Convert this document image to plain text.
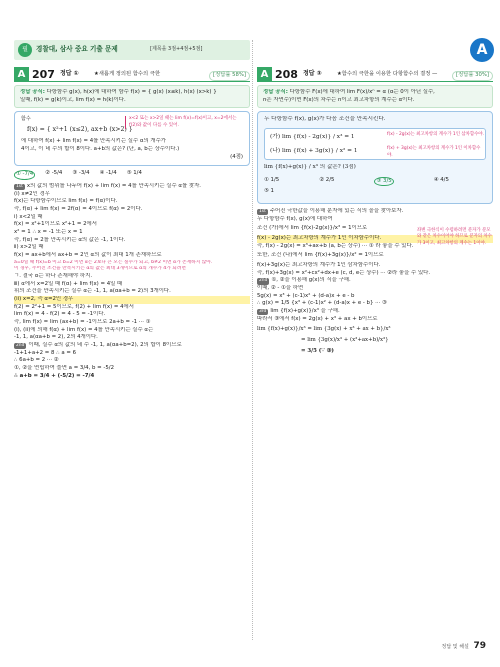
필	경찰대, 삼사 중요 기출 문제	[제목을 3점+4점+5점]	A
A 207 정답 ①	★새롭게 정의된 함수의 극한	[정답률 58%]
정답 공식: 다항함수 g(x), h(x)에 대하여 함수 f(x) = { g(x) (x≤k), h(x) (x>k) }
일때, f(k) = g(k)이고, lim f(x) = h(k)이다.
함수
f(x) = { x²+1 (x≤2), ax+b (x>2) }
에 대하여 f(x) + lim f(x) = 4를 만족시키는 실수 α의 개수가
4이고, 이 네 수의 합이 8이다. a+b의 값은? (단, a, b는 상수이다.)
(4점)
x<2 또는 x>2일 때는 lim f(x)=f(x)이고, x=2에서는 f(2)와 값이 다를 수 있어.
① -7/4	② -5/4 ③ -3/4 ④ -1/4 ⑤ 1/4
1st x의 값의 범위를 나누어 f(x) + lim f(x) = 4를 만족시키는 실수 α를 찾자.
(i) x≠2인 경우
f(x)는 다항함수이므로 lim f(x) = f(α)이다.
즉, f(α) + lim f(x) = 2f(α) = 4이므로 f(α) = 2이다.
ⅰ) x<2일 때
f(x) = x²+1이므로 x²+1 = 2에서
x² = 1 ∴ x = -1 또는 x = 1
즉, f(α) = 2를 만족시키는 α의 값은 -1, 1이다.
ⅱ) x>2일 때
f(x) = ax+b에서 ax+b = 2인 α의 값이 최대 1개 존재하므로
a=0일 때 f(x)=b 이고 b=2 이면 α는 2보다 큰 모든 실수가 되고, b≠2 이면 α가 존재하지 않아.
이 경우, 주어진 조건을 만족시키는 α의 값은 최대 3개이므로 α의 개수가 4가 되려면
ㄱ. 결국 α는 하나 존재해야 하지.
ⅲ) α에서 x=2일 때 f(α) + lim f(x) = 4일 때
위의 조건을 만족시키는 실수 α는 -1, 1, a(αa+b = 2)의 3개이다.
(ii) x=2, 즉 α=2인 경우
f(2) = 2²+1 = 5이므로, f(2) + lim f(x) = 4에서
lim f(x) = 4 - f(2) = 4 - 5 = -1이다.
즉, lim f(x) = lim (ax+b) = -1이므로 2a+b = -1 ··· ①
(i), (ii)에 의해 f(α) + lim f(x) = 4를 만족시키는 실수 α는
-1, 1, a(αa+b = 2), 2의 4개이다.
2nd 이때, 실수 α의 값의 네 수 -1, 1, a(αa+b=2), 2의 합이 8이므로
-1+1+a+2 = 8 ∴ a = 6
∴ 6a+b = 2 ··· ②
①, ②을 연립하여 풀면 a = 3/4, b = -5/2
∴ a+b = 3/4 + (-5/2) = -7/4
A 208 정답 ③	★함수의 극한을 이용한 다항함수의 결정 —	[정답률 30%]
정답 공식: 다항함수 F(x)에 대하여 lim F(x)/xⁿ = α (α는 0이 아닌 실수,
n은 자연수)이면 F(x)의 차수는 n이고 최고차항의 계수는 α이다.
두 다항함수 f(x), g(x)가 다음 조건을 만족시킨다.
(가) lim {f(x) - 2g(x)} / x³ = 1
(나) lim {f(x) + 3g(x)} / x² = 1
f(x) - 2g(x)는 최고차항의 계수가 1인 삼차함수야.
f(x) + 3g(x)는 최고차항의 계수가 1인 이차함수야.
lim {f(x)+g(x)} / x³ 의 값은? (3점)
① 1/5	② 2/5	③ 3/5	④ 4/5
⑤ 1
1st 주어진 극한값을 이용해 분자에 있는 식의 꼴을 찾아보자.
두 다항함수 f(x), g(x)에 대하여
조건 (가)에서 lim {f(x)-2g(x)}/x³ = 1이므로
f(x) - 2g(x)는 최고차항의 계수가 1인 이차함수이다.
즉, f(x) - 2g(x) = x³+ax+b (a, b는 상수) ··· ① 라 놓을 수 있다.
또한, 조건 (나)에서 lim {f(x)+3g(x)}/x² = 1이므로
f(x)+3g(x)는 최고차항의 계수가 1인 삼차함수이다.
즉, f(x)+3g(x) = x²+cx²+dx+e (c, d, e는 상수) ··· ②라 놓을 수 있다.
2nd ①, ②을 이용해 g(x)의 식을 구해.
이때, ② - ①을 하면
5g(x) = x³ + (c-1)x² + (d-a)x + e - b
∴ g(x) = 1/5 {x³ + (c-1)x² + (d-a)x + e - b} ··· ③
3rd lim {f(x)+g(x)}/x³ 을 구해.
따라서 ③에서 f(x) = 2g(x) + x³ + ax + b이므로
lim {f(x)+g(x)}/x³ = lim {3g(x) + x³ + ax + b}/x³
= lim {3g(x)/x³ + (x³+ax+b)/x³}
= 3/5 (∵ ③)
좌변 극한식이 수렴하려면 분자가 분모와 같은 차수이어야 하므로 분자의 차수가 3이고, 최고차항의 계수는 1이야.
정답 및 해설 79
